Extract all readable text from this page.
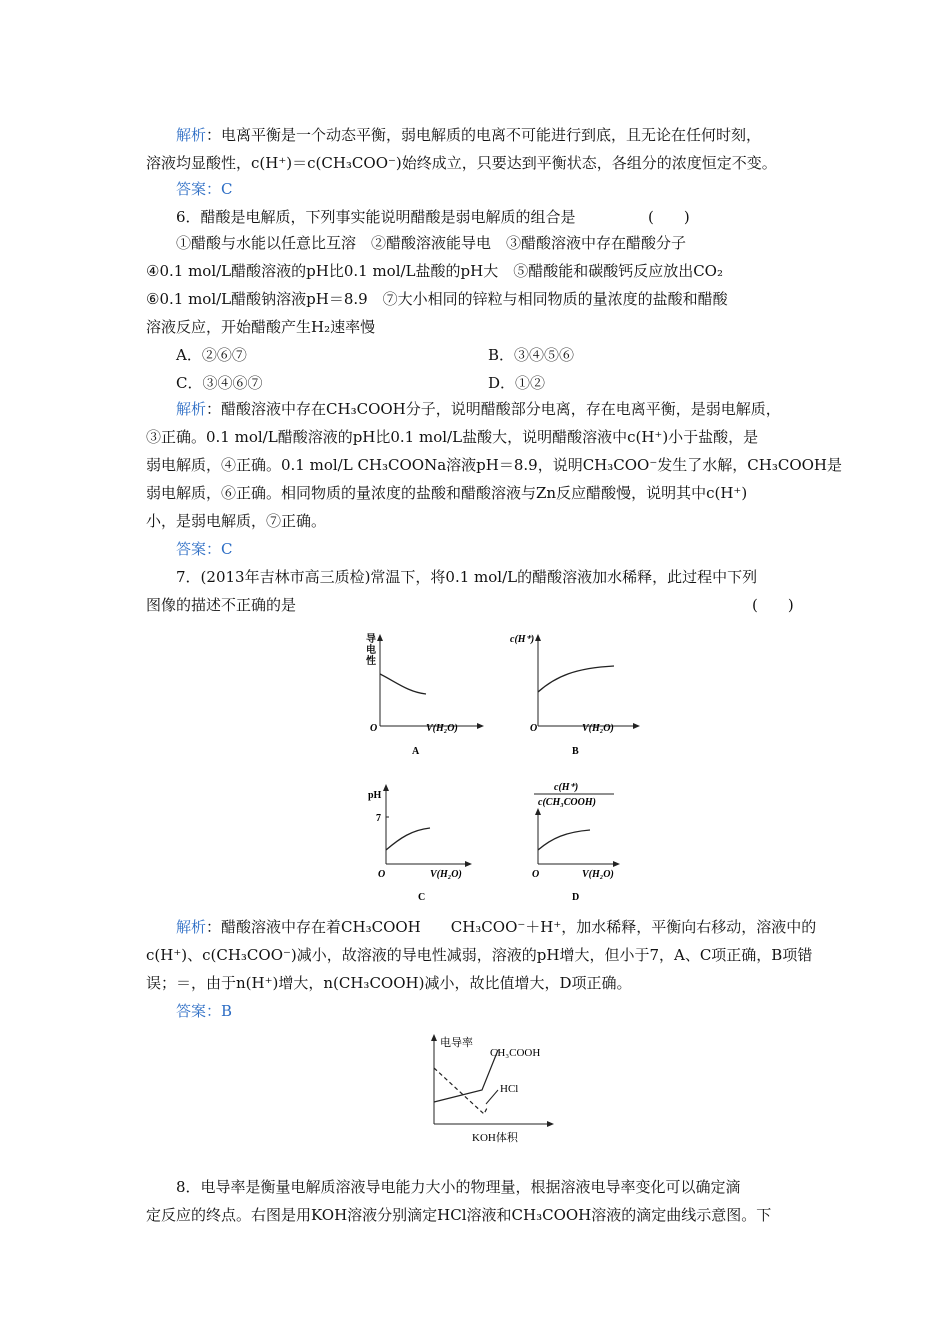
解析：电离平衡是一个动态平衡，弱电解质的电离不可能进行到底，且无论在任何时刻，
溶液均显酸性，c(H⁺)＝c(CH₃COO⁻)始终成立，只要达到平衡状态，各组分的浓度恒定不变。
答案：C
6．醋酸是电解质，下列事实能说明醋酸是弱电解质的组合是	(　　)
①醋酸与水能以任意比互溶　②醋酸溶液能导电　③醋酸溶液中存在醋酸分子
④0.1 mol/L醋酸溶液的pH比0.1 mol/L盐酸的pH大　⑤醋酸能和碳酸钙反应放出CO₂
⑥0.1 mol/L醋酸钠溶液pH＝8.9　⑦大小相同的锌粒与相同物质的量浓度的盐酸和醋酸
溶液反应，开始醋酸产生H₂速率慢
A．②⑥⑦	B．③④⑤⑥
C．③④⑥⑦	D．①②
解析：醋酸溶液中存在CH₃COOH分子，说明醋酸部分电离，存在电离平衡，是弱电解质，
③正确。0.1 mol/L醋酸溶液的pH比0.1 mol/L盐酸大，说明醋酸溶液中c(H⁺)小于盐酸，是
弱电解质，④正确。0.1 mol/L CH₃COONa溶液pH＝8.9，说明CH₃COO⁻发生了水解，CH₃COOH是
弱电解质，⑥正确。相同物质的量浓度的盐酸和醋酸溶液与Zn反应醋酸慢，说明其中c(H⁺)
小，是弱电解质，⑦正确。
答案：C
7．(2013年吉林市高三质检)常温下，将0.1 mol/L的醋酸溶液加水稀释，此过程中下列
图像的描述不正确的是	(　　)
O	V(H₂O)
A
导电性
c(H⁺)
O	V(H₂O)
B
pH
7
O	V(H₂O)
C
c(H⁺)
c(CH₃COOH)
O	V(H₂O)
D
解析：醋酸溶液中存在着CH₃COOH　　CH₃COO⁻＋H⁺，加水稀释，平衡向右移动，溶液中的
c(H⁺)、c(CH₃COO⁻)减小，故溶液的导电性减弱，溶液的pH增大，但小于7，A、C项正确，B项错
误；＝，由于n(H⁺)增大，n(CH₃COOH)减小，故比值增大，D项正确。
答案：B
电导率
CH₃COOH
HCl
KOH体积
8．电导率是衡量电解质溶液导电能力大小的物理量，根据溶液电导率变化可以确定滴
定反应的终点。右图是用KOH溶液分别滴定HCl溶液和CH₃COOH溶液的滴定曲线示意图。下
